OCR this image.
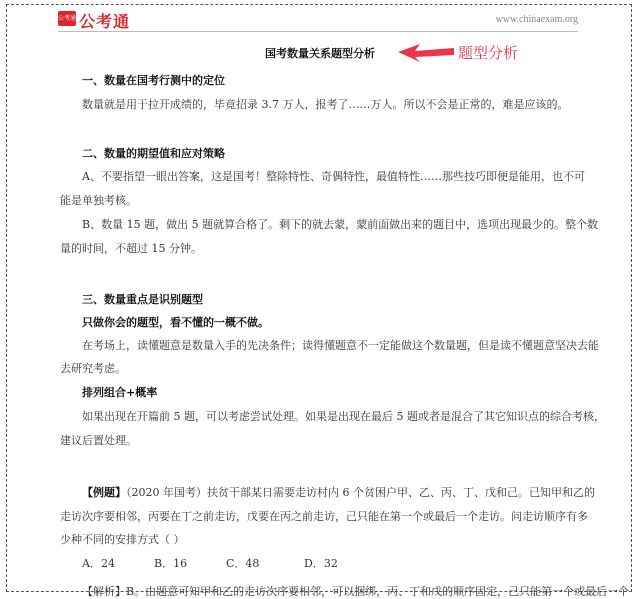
公考通 公考通	www.chinaexam.org
国考数量关系题型分析	题型分析
一、数量在国考行测中的定位
数量就是用于拉开成绩的，毕竟招录 3.7 万人，报考了……万人。所以不会是正常的，难是应该的。
二、数量的期望值和应对策略
A、不要指望一眼出答案，这是国考！整除特性、奇偶特性，最值特性……那些技巧即便是能用，也不可
能是单独考核。
B、数量 15 题，做出 5 题就算合格了。剩下的就去蒙，蒙前面做出来的题目中，选项出现最少的。整个数
量的时间，不超过 15 分钟。
三、数量重点是识别题型
只做你会的题型，看不懂的一概不做。
在考场上，读懂题意是数量入手的先决条件；读得懂题意不一定能做这个数量题，但是读不懂题意坚决去能
去研究考虑。
排列组合+概率
如果出现在开篇前 5 题，可以考虑尝试处理。如果是出现在最后 5 题或者是混合了其它知识点的综合考核，
建议后置处理。
【例题】（2020 年国考）扶贫干部某日需要走访村内 6 个贫困户甲、乙、丙、丁、戊和己。已知甲和乙的
走访次序要相邻，丙要在丁之前走访，戊要在丙之前走访，己只能在第一个或最后一个走访。问走访顺序有多
少种不同的安排方式（ ）
A．24	B．16	C．48	D．32
【解析】B。由题意可知甲和乙的走访次序要相邻，可以捆绑，丙、丁和戊的顺序固定，己只能第一个或最后一个
